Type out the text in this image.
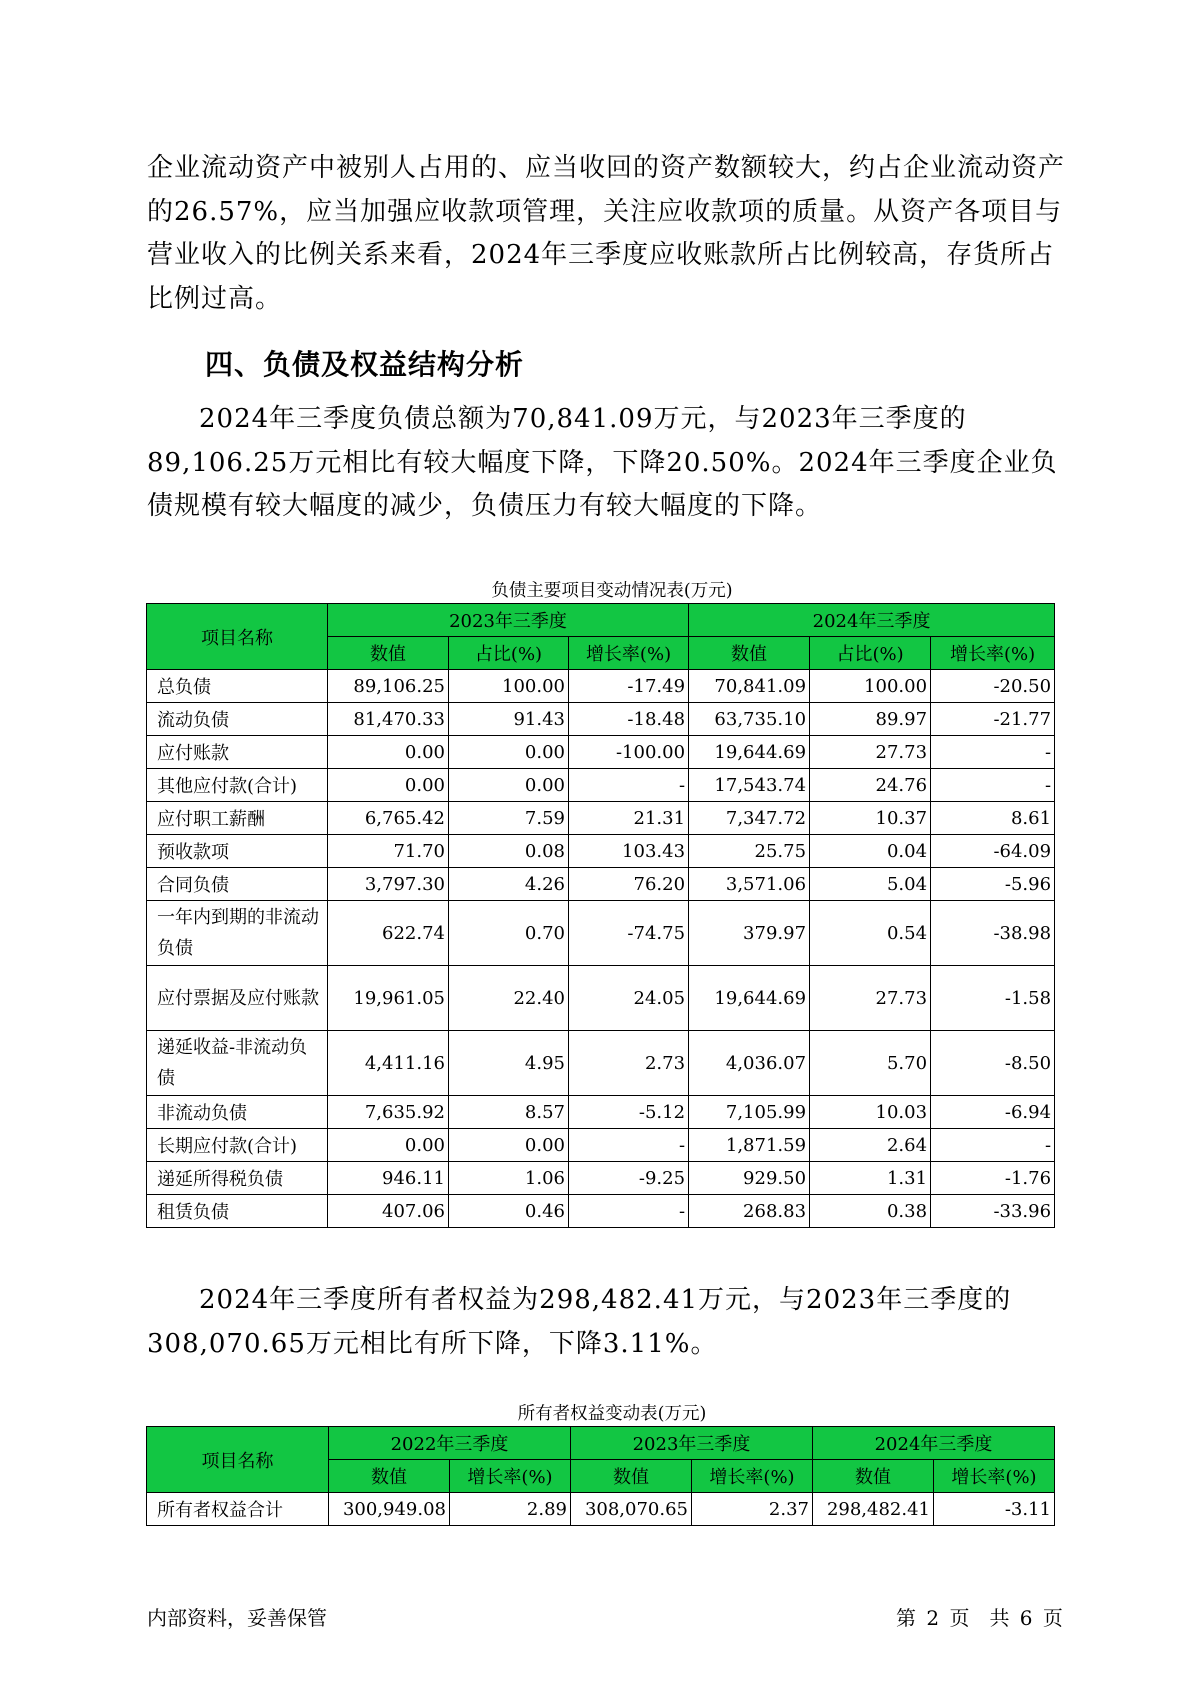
企业流动资产中被别人占用的、应当收回的资产数额较大，约占企业流动资产的26.57%，应当加强应收款项管理，关注应收款项的质量。从资产各项目与营业收入的比例关系来看，2024年三季度应收账款所占比例较高，存货所占比例过高。

四、负债及权益结构分析

2024年三季度负债总额为70,841.09万元，与2023年三季度的89,106.25万元相比有较大幅度下降，下降20.50%。2024年三季度企业负债规模有较大幅度的减少，负债压力有较大幅度的下降。

负债主要项目变动情况表(万元)
项目名称	2023年三季度			2024年三季度		
	数值	占比(%)	增长率(%)	数值	占比(%)	增长率(%)
总负债	89,106.25	100.00	-17.49	70,841.09	100.00	-20.50
流动负债	81,470.33	91.43	-18.48	63,735.10	89.97	-21.77
应付账款	0.00	0.00	-100.00	19,644.69	27.73	-
其他应付款(合计)	0.00	0.00	-	17,543.74	24.76	-
应付职工薪酬	6,765.42	7.59	21.31	7,347.72	10.37	8.61
预收款项	71.70	0.08	103.43	25.75	0.04	-64.09
合同负债	3,797.30	4.26	76.20	3,571.06	5.04	-5.96
一年内到期的非流动负债	622.74	0.70	-74.75	379.97	0.54	-38.98
应付票据及应付账款	19,961.05	22.40	24.05	19,644.69	27.73	-1.58
递延收益-非流动负债	4,411.16	4.95	2.73	4,036.07	5.70	-8.50
非流动负债	7,635.92	8.57	-5.12	7,105.99	10.03	-6.94
长期应付款(合计)	0.00	0.00	-	1,871.59	2.64	-
递延所得税负债	946.11	1.06	-9.25	929.50	1.31	-1.76
租赁负债	407.06	0.46	-	268.83	0.38	-33.96

2024年三季度所有者权益为298,482.41万元，与2023年三季度的308,070.65万元相比有所下降，下降3.11%。

所有者权益变动表(万元)
项目名称	2022年三季度		2023年三季度		2024年三季度	
	数值	增长率(%)	数值	增长率(%)	数值	增长率(%)
所有者权益合计	300,949.08	2.89	308,070.65	2.37	298,482.41	-3.11
内部资料，妥善保管	第 2 页　共 6 页
